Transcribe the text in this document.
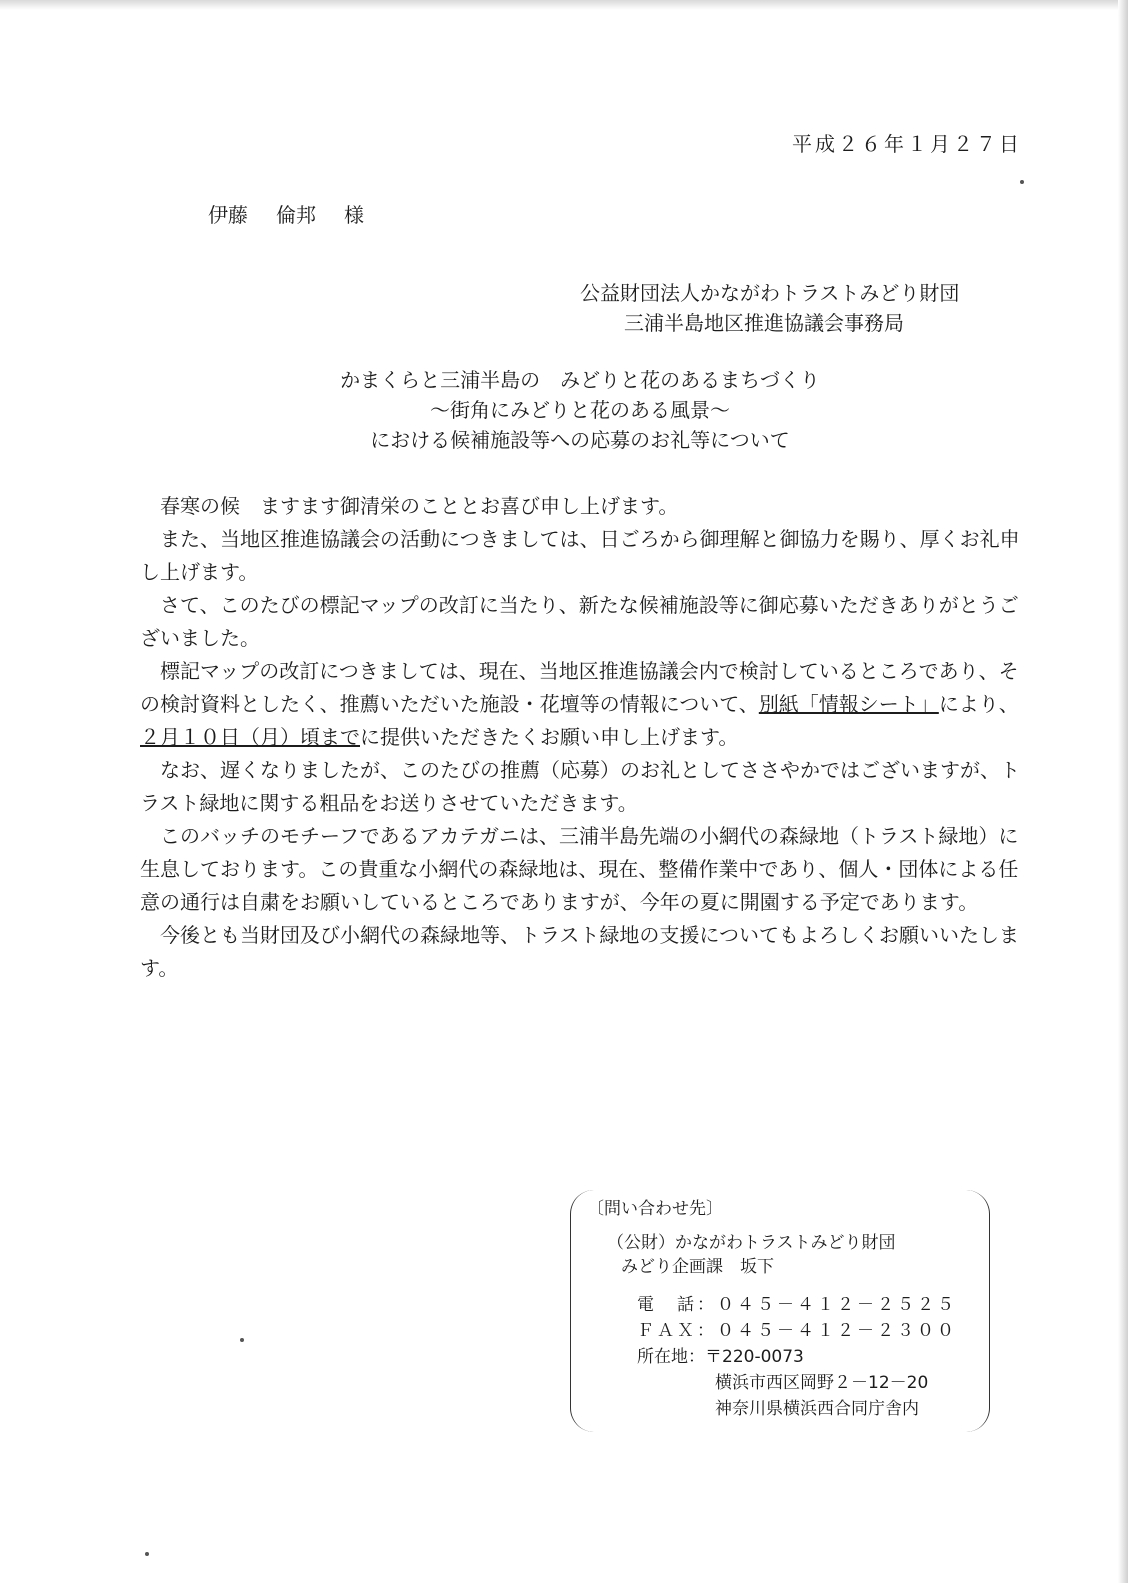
平成２６年１月２７日
伊藤 倫邦 様
公益財団法人かながわトラストみどり財団
三浦半島地区推進協議会事務局
かまくらと三浦半島の　みどりと花のあるまちづくり
～街角にみどりと花のある風景～
における候補施設等への応募のお礼等について

春寒の候　ますます御清栄のこととお喜び申し上げます。

また、当地区推進協議会の活動につきましては、日ごろから御理解と御協力を賜り、厚くお礼申し上げます。

さて、このたびの標記マップの改訂に当たり、新たな候補施設等に御応募いただきありがとうございました。

標記マップの改訂につきましては、現在、当地区推進協議会内で検討しているところであり、その検討資料としたく、推薦いただいた施設・花壇等の情報について、別紙「情報シート」により、２月１０日（月）頃までに提供いただきたくお願い申し上げます。

なお、遅くなりましたが、このたびの推薦（応募）のお礼としてささやかではございますが、トラスト緑地に関する粗品をお送りさせていただきます。

このバッチのモチーフであるアカテガニは、三浦半島先端の小網代の森緑地（トラスト緑地）に生息しております。この貴重な小網代の森緑地は、現在、整備作業中であり、個人・団体による任意の通行は自粛をお願いしているところでありますが、今年の夏に開園する予定であります。

今後とも当財団及び小網代の森緑地等、トラスト緑地の支援についてもよろしくお願いいたします。

〔問い合わせ先〕
（公財）かながわトラストみどり財団
みどり企画課　坂下
電　話：０４５－４１２－２５２５
ＦＡＸ：０４５－４１２－２３００
所在地：〒220-0073
横浜市西区岡野２－12－20
神奈川県横浜西合同庁舎内
